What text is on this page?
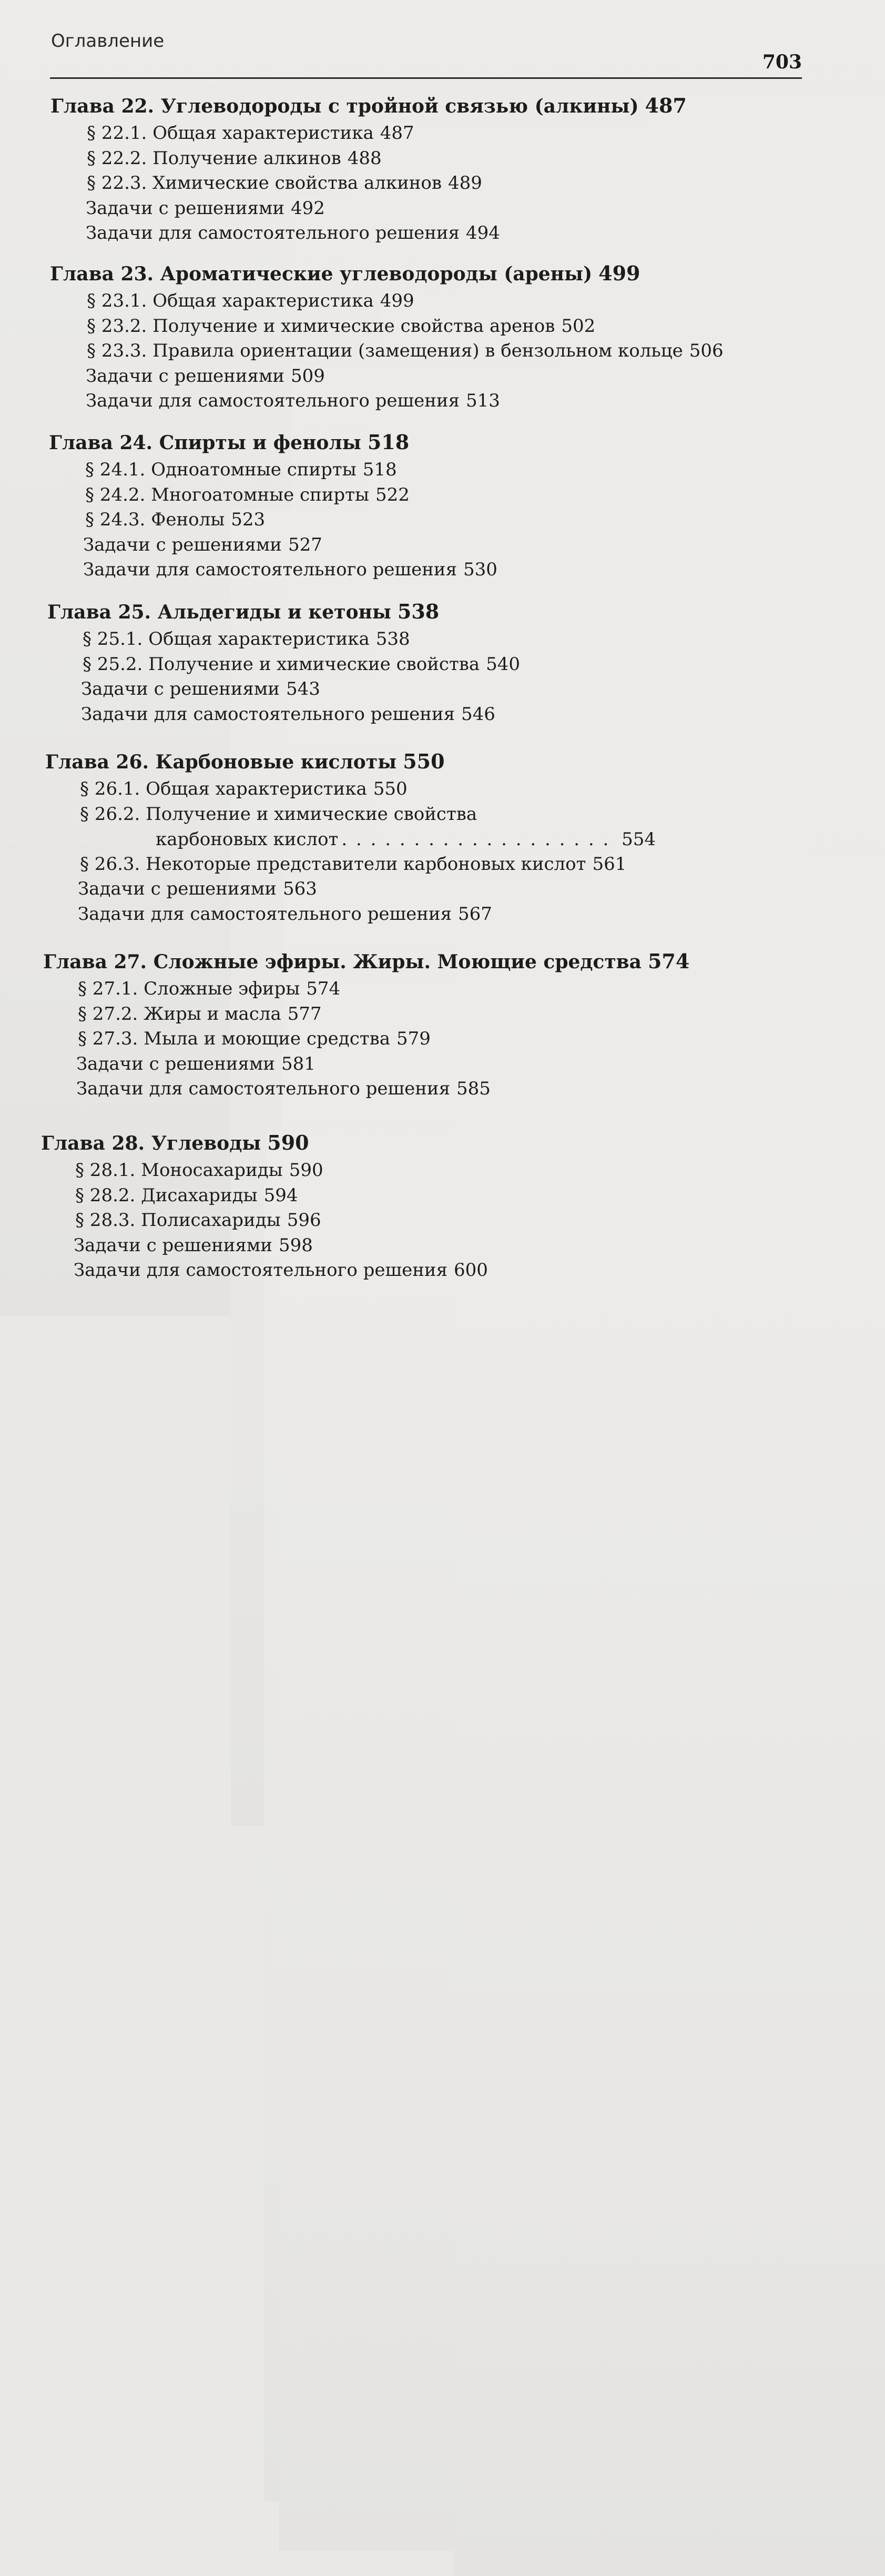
Оглавление
703
Глава 22. Углеводороды с тройной связью (алкины) 487
§ 22.1. Общая характеристика 487
§ 22.2. Получение алкинов 488
§ 22.3. Химические свойства алкинов 489
Задачи с решениями 492
Задачи для самостоятельного решения 494
Глава 23. Ароматические углеводороды (арены) 499
§ 23.1. Общая характеристика 499
§ 23.2. Получение и химические свойства аренов 502
§ 23.3. Правила ориентации (замещения) в бензольном кольце 506
Задачи с решениями 509
Задачи для самостоятельного решения 513
Глава 24. Спирты и фенолы 518
§ 24.1. Одноатомные спирты 518
§ 24.2. Многоатомные спирты 522
§ 24.3. Фенолы 523
Задачи с решениями 527
Задачи для самостоятельного решения 530
Глава 25. Альдегиды и кетоны 538
§ 25.1. Общая характеристика 538
§ 25.2. Получение и химические свойства 540
Задачи с решениями 543
Задачи для самостоятельного решения 546
Глава 26. Карбоновые кислоты 550
§ 26.1. Общая характеристика 550
§ 26.2. Получение и химические свойства
карбоновых кислот
. . .	554
§ 26.3. Некоторые представители карбоновых кислот 561
Задачи с решениями 563
Задачи для самостоятельного решения 567
Глава 27. Сложные эфиры. Жиры. Моющие средства 574
§ 27.1. Сложные эфиры 574
§ 27.2. Жиры и масла 577
§ 27.3. Мыла и моющие средства 579
Задачи с решениями 581
Задачи для самостоятельного решения 585
Глава 28. Углеводы 590
§ 28.1. Моносахариды 590
§ 28.2. Дисахариды 594
§ 28.3. Полисахариды 596
Задачи с решениями 598
Задачи для самостоятельного решения 600
